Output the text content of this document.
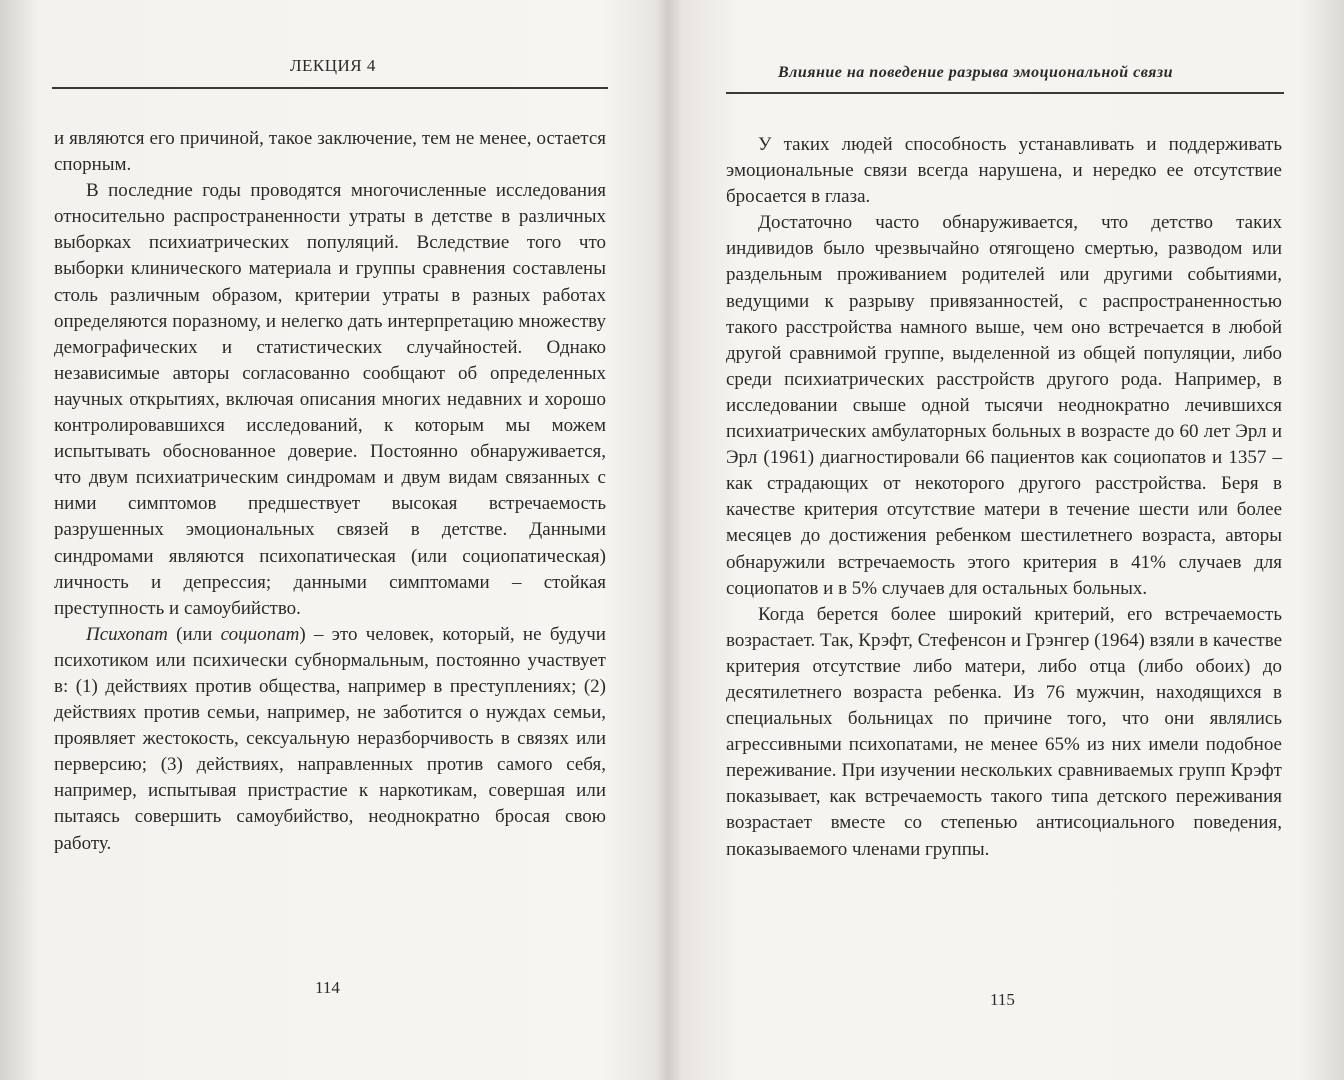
ЛЕКЦИЯ 4

и являются его причиной, такое заключение, тем не менее, остается спорным.

В последние годы проводятся многочисленные исследования относительно распространенности утраты в детстве в различных выборках психиатрических популяций. Вследствие того что выборки клинического материала и группы сравнения составлены столь различным образом, критерии утраты в разных работах определяются поразному, и нелегко дать интерпретацию множеству демографических и статистических случайностей. Однако независимые авторы согласованно сообщают об определенных научных открытиях, включая описания многих недавних и хорошо контролировавшихся исследований, к которым мы можем испытывать обоснованное доверие. Постоянно обнаруживается, что двум психиатрическим синдромам и двум видам связанных с ними симптомов предшествует высокая встречаемость разрушенных эмоциональных связей в детстве. Данными синдромами являются психопатическая (или социопатическая) личность и депрессия; данными симптомами – стойкая преступность и самоубийство.

Психопат (или социопат) – это человек, который, не будучи психотиком или психически субнормальным, постоянно участвует в: (1) действиях против общества, например в преступлениях; (2) действиях против семьи, например, не заботится о нуждах семьи, проявляет жестокость, сексуальную неразборчивость в связях или перверсию; (3) действиях, направленных против самого себя, например, испытывая пристрастие к наркотикам, совершая или пытаясь совершить самоубийство, неоднократно бросая свою работу.

114
Влияние на поведение разрыва эмоциональной связи

У таких людей способность устанавливать и поддерживать эмоциональные связи всегда нарушена, и нередко ее отсутствие бросается в глаза.

Достаточно часто обнаруживается, что детство таких индивидов было чрезвычайно отягощено смертью, разводом или раздельным проживанием родителей или другими событиями, ведущими к разрыву привязанностей, с распространенностью такого расстройства намного выше, чем оно встречается в любой другой сравнимой группе, выделенной из общей популяции, либо среди психиатрических расстройств другого рода. Например, в исследовании свыше одной тысячи неоднократно лечившихся психиатрических амбулаторных больных в возрасте до 60 лет Эрл и Эрл (1961) диагностировали 66 пациентов как социопатов и 1357 – как страдающих от некоторого другого расстройства. Беря в качестве критерия отсутствие матери в течение шести или более месяцев до достижения ребенком шестилетнего возраста, авторы обнаружили встречаемость этого критерия в 41% случаев для социопатов и в 5% случаев для остальных больных.

Когда берется более широкий критерий, его встречаемость возрастает. Так, Крэфт, Стефенсон и Грэнгер (1964) взяли в качестве критерия отсутствие либо матери, либо отца (либо обоих) до десятилетнего возраста ребенка. Из 76 мужчин, находящихся в специальных больницах по причине того, что они являлись агрессивными психопатами, не менее 65% из них имели подобное переживание. При изучении нескольких сравниваемых групп Крэфт показывает, как встречаемость такого типа детского переживания возрастает вместе со степенью антисоциального поведения, показываемого членами группы.

115
